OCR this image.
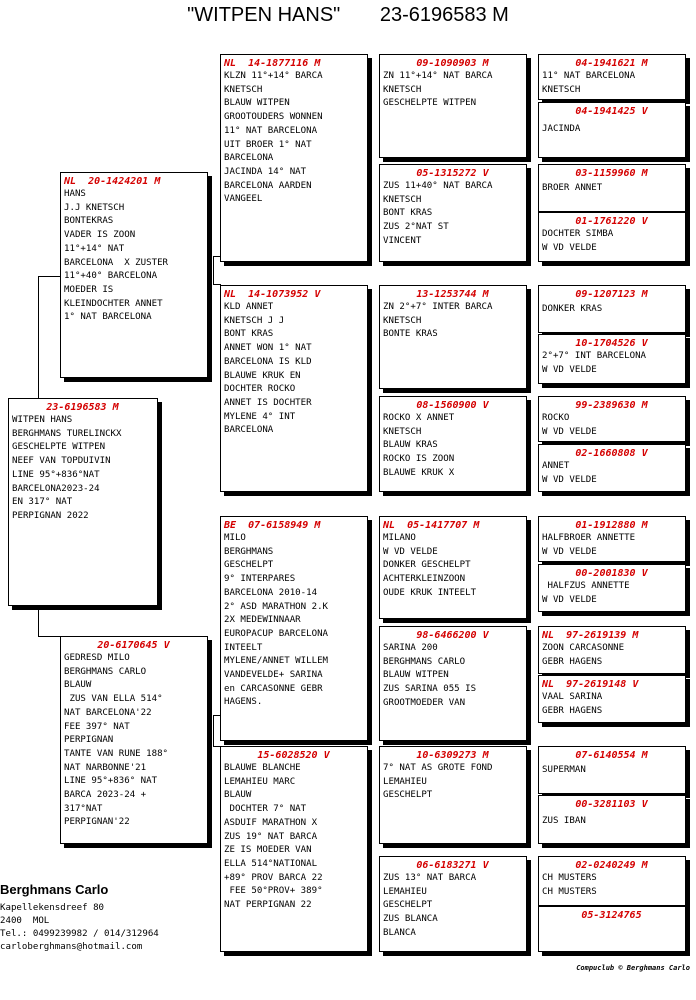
"WITPEN HANS" 23-6196583 M
23-6196583 M
WITPEN HANS
BERGHMANS TURELINCKX
GESCHELPTE WITPEN
NEEF VAN TOPDUIVIN
LINE 95°+836°NAT
BARCELONA2023-24
EN 317° NAT
PERPIGNAN 2022
NL 20-1424201 M
HANS
J.J KNETSCH
BONTEKRAS
VADER IS ZOON
11°+14° NAT
BARCELONA  X ZUSTER
11°+40° BARCELONA
MOEDER IS
KLEINDOCHTER ANNET
1° NAT BARCELONA
20-6170645 V
GEDRESD MILO
BERGHMANS CARLO
BLAUW
ZUS VAN ELLA 514°
NAT BARCELONA'22
FEE 397° NAT
PERPIGNAN
TANTE VAN RUNE 188°
NAT NARBONNE'21
LINE 95°+836° NAT
BARCA 2023-24 +
317°NAT
PERPIGNAN'22
NL 14-1877116 M
KLZN 11°+14° BARCA
KNETSCH
BLAUW WITPEN
GROOTOUDERS WONNEN
11° NAT BARCELONA
UIT BROER 1° NAT
BARCELONA
JACINDA 14° NAT
BARCELONA AARDEN
VANGEEL
NL 14-1073952 V
KLD ANNET
KNETSCH J J
BONT KRAS
ANNET WON 1° NAT
BARCELONA IS KLD
BLAUWE KRUK EN
DOCHTER ROCKO
ANNET IS DOCHTER
MYLENE 4° INT
BARCELONA
BE 07-6158949 M
MILO
BERGHMANS
GESCHELPT
9° INTERPARES
BARCELONA 2010-14
2° ASD MARATHON 2.K
2X MEDEWINNAAR
EUROPACUP BARCELONA
INTEELT
MYLENE/ANNET WILLEM
VANDEVELDE+ SARINA
en CARCASONNE GEBR
HAGENS.
15-6028520 V
BLAUWE BLANCHE
LEMAHIEU MARC
BLAUW
DOCHTER 7° NAT
ASDUIF MARATHON X
ZUS 19° NAT BARCA
ZE IS MOEDER VAN
ELLA 514°NATIONAL
+89° PROV BARCA 22
FEE 50°PROV+ 389°
NAT PERPIGNAN 22
09-1090903 M
ZN 11°+14° NAT BARCA
KNETSCH
GESCHELPTE WITPEN
05-1315272 V
ZUS 11+40° NAT BARCA
KNETSCH
BONT KRAS
ZUS 2°NAT ST
VINCENT
13-1253744 M
ZN 2°+7° INTER BARCA
KNETSCH
BONTE KRAS
08-1560900 V
ROCKO X ANNET
KNETSCH
BLAUW KRAS
ROCKO IS ZOON
BLAUWE KRUK X
NL 05-1417707 M
MILANO
W VD VELDE
DONKER GESCHELPT
ACHTERKLEINZOON
OUDE KRUK INTEELT
98-6466200 V
SARINA 200
BERGHMANS CARLO
BLAUW WITPEN
ZUS SARINA 055 IS
GROOTMOEDER VAN
10-6309273 M
7° NAT AS GROTE FOND
LEMAHIEU
GESCHELPT
06-6183271 V
ZUS 13° NAT BARCA
LEMAHIEU
GESCHELPT
ZUS BLANCA
BLANCA
04-1941621 M
11° NAT BARCELONA
KNETSCH
04-1941425 V
JACINDA
03-1159960 M
BROER ANNET
01-1761220 V
DOCHTER SIMBA
W VD VELDE
09-1207123 M
DONKER KRAS
10-1704526 V
2°+7° INT BARCELONA
W VD VELDE
99-2389630 M
ROCKO
W VD VELDE
02-1660808 V
ANNET
W VD VELDE
01-1912880 M
HALFBROER ANNETTE
W VD VELDE
00-2001830 V
HALFZUS ANNETTE
W VD VELDE
NL 97-2619139 M
ZOON CARCASONNE
GEBR HAGENS
NL 97-2619148 V
VAAL SARINA
GEBR HAGENS
07-6140554 M
SUPERMAN
00-3281103 V
ZUS IBAN
02-0240249 M
CH MUSTERS
CH MUSTERS
05-3124765
Berghmans Carlo
Kapellekensdreef 80
2400  MOL
Tel.: 0499239982 / 014/312964
carloberghmans@hotmail.com
Compuclub © Berghmans Carlo
